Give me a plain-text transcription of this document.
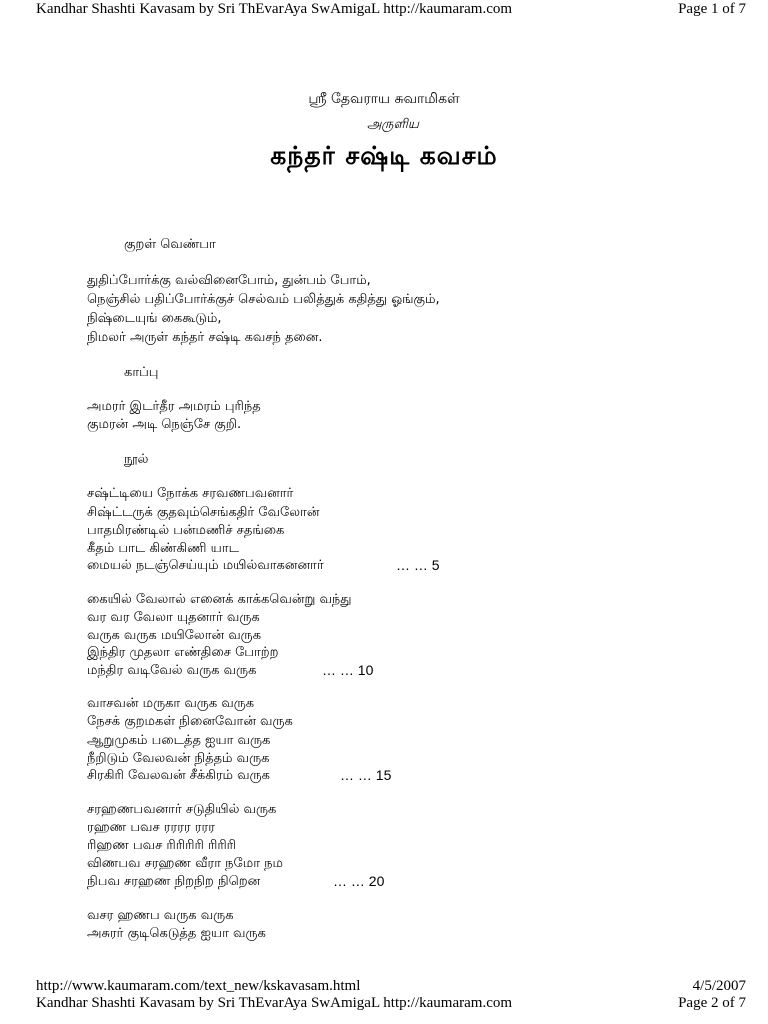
Kandhar Shashti Kavasam by Sri ThEvarAya SwAmigaL http://kaumaram.com	Page 1 of 7
ஸ்ரீ தேவராய சுவாமிகள்
அருளிய
கந்தர் சஷ்டி கவசம்
குறள் வெண்பா
துதிப்போர்க்கு வல்வினைபோம், துன்பம் போம்,
நெஞ்சில் பதிப்போர்க்குச் செல்வம் பலித்துக் கதித்து ஓங்கும்,
நிஷ்டையுங் கைகூடும்,
நிமலர் அருள் கந்தர் சஷ்டி கவசந் தனை.
காப்பு
அமரர் இடர்தீர அமரம் புரிந்த
குமரன் அடி நெஞ்சே குறி.
நூல்
சஷ்ட்டியை நோக்க சரவணபவனார்
சிஷ்ட்டருக் குதவும்செங்கதிர் வேலோன்
பாதமிரண்டில் பன்மணிச் சதங்கை
கீதம் பாட கிண்கிணி யாட
மையல் நடஞ்செய்யும் மயில்வாகனனார்	… … 5
கையில் வேலால் எனைக் காக்கவென்று வந்து
வர வர வேலா யுதனார் வருக
வருக வருக மயிலோன் வருக
இந்திர முதலா எண்திசை போற்ற
மந்திர வடிவேல் வருக வருக	… … 10
வாசவன் மருகா வருக வருக
நேசக் குறமகள் நினைவோன் வருக
ஆறுமுகம் படைத்த ஐயா வருக
நீறிடும் வேலவன் நித்தம் வருக
சிரகிரி வேலவன் சீக்கிரம் வருக	… … 15
சரஹணபவனார் சடுதியில் வருக
ரஹண பவச ரரரர ரரர
ரிஹண பவச ரிரிரிரி ரிரிரி
விணபவ சரஹண வீரா நமோ நம
நிபவ சரஹண நிறநிற நிறென	… … 20
வசர ஹணப வருக வருக
அசுரர் குடிகெடுத்த ஐயா வருக
http://www.kaumaram.com/text_new/kskavasam.html	4/5/2007
Kandhar Shashti Kavasam by Sri ThEvarAya SwAmigaL http://kaumaram.com	Page 2 of 7
